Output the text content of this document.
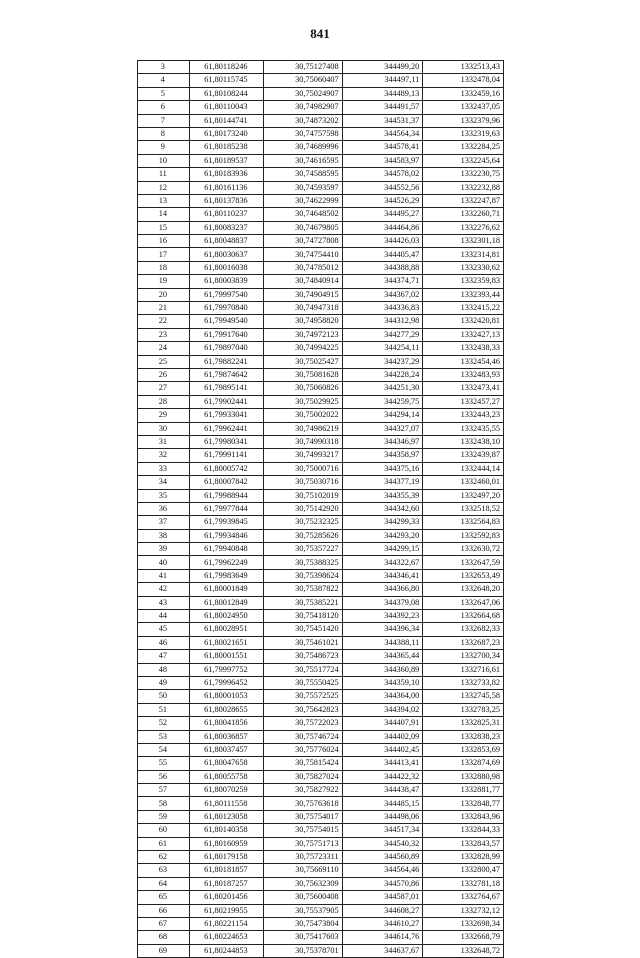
841
3	61,80118246	30,75127408	344499,20	1332513,43
4	61,80115745	30,75060407	344497,11	1332478,04
5	61,80108244	30,75024907	344489,13	1332459,16
6	61,80110043	30,74982907	344491,57	1332437,05
7	61,80144741	30,74873202	344531,37	1332379,96
8	61,80173240	30,74757598	344564,34	1332319,63
9	61,80185238	30,74689996	344578,41	1332284,25
10	61,80189537	30,74616595	344583,97	1332245,64
11	61,80183936	30,74588595	344578,02	1332230,75
12	61,80161136	30,74593597	344552,56	1332232,88
13	61,80137836	30,74622999	344526,29	1332247,87
14	61,80110237	30,74648502	344495,27	1332260,71
15	61,80083237	30,74679805	344464,86	1332276,62
16	61,80048837	30,74727808	344426,03	1332301,18
17	61,80030637	30,74754410	344405,47	1332314,81
18	61,80016038	30,74785012	344388,88	1332330,62
19	61,80003839	30,74840914	344374,71	1332359,83
20	61,79997540	30,74904915	344367,02	1332393,44
21	61,79970840	30,74947318	344336,83	1332415,22
22	61,79949540	30,74958820	344312,98	1332420,81
23	61,79917640	30,74972123	344277,29	1332427,13
24	61,79897040	30,74994225	344254,11	1332438,33
25	61,79882241	30,75025427	344237,29	1332454,46
26	61,79874642	30,75081628	344228,24	1332483,93
27	61,79895141	30,75060826	344251,30	1332473,41
28	61,79902441	30,75029925	344259,75	1332457,27
29	61,79933041	30,75002022	344294,14	1332443,23
30	61,79962441	30,74986219	344327,07	1332435,55
31	61,79980341	30,74990318	344346,97	1332438,10
32	61,79991141	30,74993217	344358,97	1332439,87
33	61,80005742	30,75000716	344375,16	1332444,14
34	61,80007842	30,75030716	344377,19	1332460,01
35	61,79988944	30,75102019	344355,39	1332497,20
36	61,79977844	30,75142920	344342,60	1332518,52
37	61,79939845	30,75232325	344299,33	1332564,83
38	61,79934846	30,75285626	344293,20	1332592,83
39	61,79940848	30,75357227	344299,15	1332630,72
40	61,79962249	30,75388325	344322,67	1332647,59
41	61,79983649	30,75398624	344346,41	1332653,49
42	61,80001849	30,75387822	344366,80	1332648,20
43	61,80012849	30,75385221	344379,08	1332647,06
44	61,80024950	30,75418120	344392,23	1332664,68
45	61,80028951	30,75451420	344396,34	1332682,33
46	61,80021651	30,75461021	344388,11	1332687,23
47	61,80001551	30,75486723	344365,44	1332700,34
48	61,79997752	30,75517724	344360,89	1332716,61
49	61,79996452	30,75550425	344359,10	1332733,82
50	61,80001053	30,75572525	344364,00	1332745,58
51	61,80028655	30,75642823	344394,02	1332783,25
52	61,80041856	30,75722023	344407,91	1332825,31
53	61,80036857	30,75746724	344402,09	1332838,23
54	61,80037457	30,75776024	344402,45	1332853,69
55	61,80047658	30,75815424	344413,41	1332874,69
56	61,80055758	30,75827024	344422,32	1332880,98
57	61,80070259	30,75827922	344438,47	1332881,77
58	61,80111558	30,75763618	344485,15	1332848,77
59	61,80123058	30,75754017	344498,06	1332843,96
60	61,80140358	30,75754015	344517,34	1332844,33
61	61,80160959	30,75751713	344540,32	1332843,57
62	61,80179158	30,75723311	344560,89	1332828,99
63	61,80181857	30,75669110	344564,46	1332800,47
64	61,80187257	30,75632309	344570,86	1332781,18
65	61,80201456	30,75600408	344587,01	1332764,67
66	61,80219955	30,75537905	344608,27	1332732,12
67	61,80221154	30,75473804	344610,27	1332698,34
68	61,80224653	30,75417603	344614,76	1332668,79
69	61,80244853	30,75378701	344637,67	1332648,72
